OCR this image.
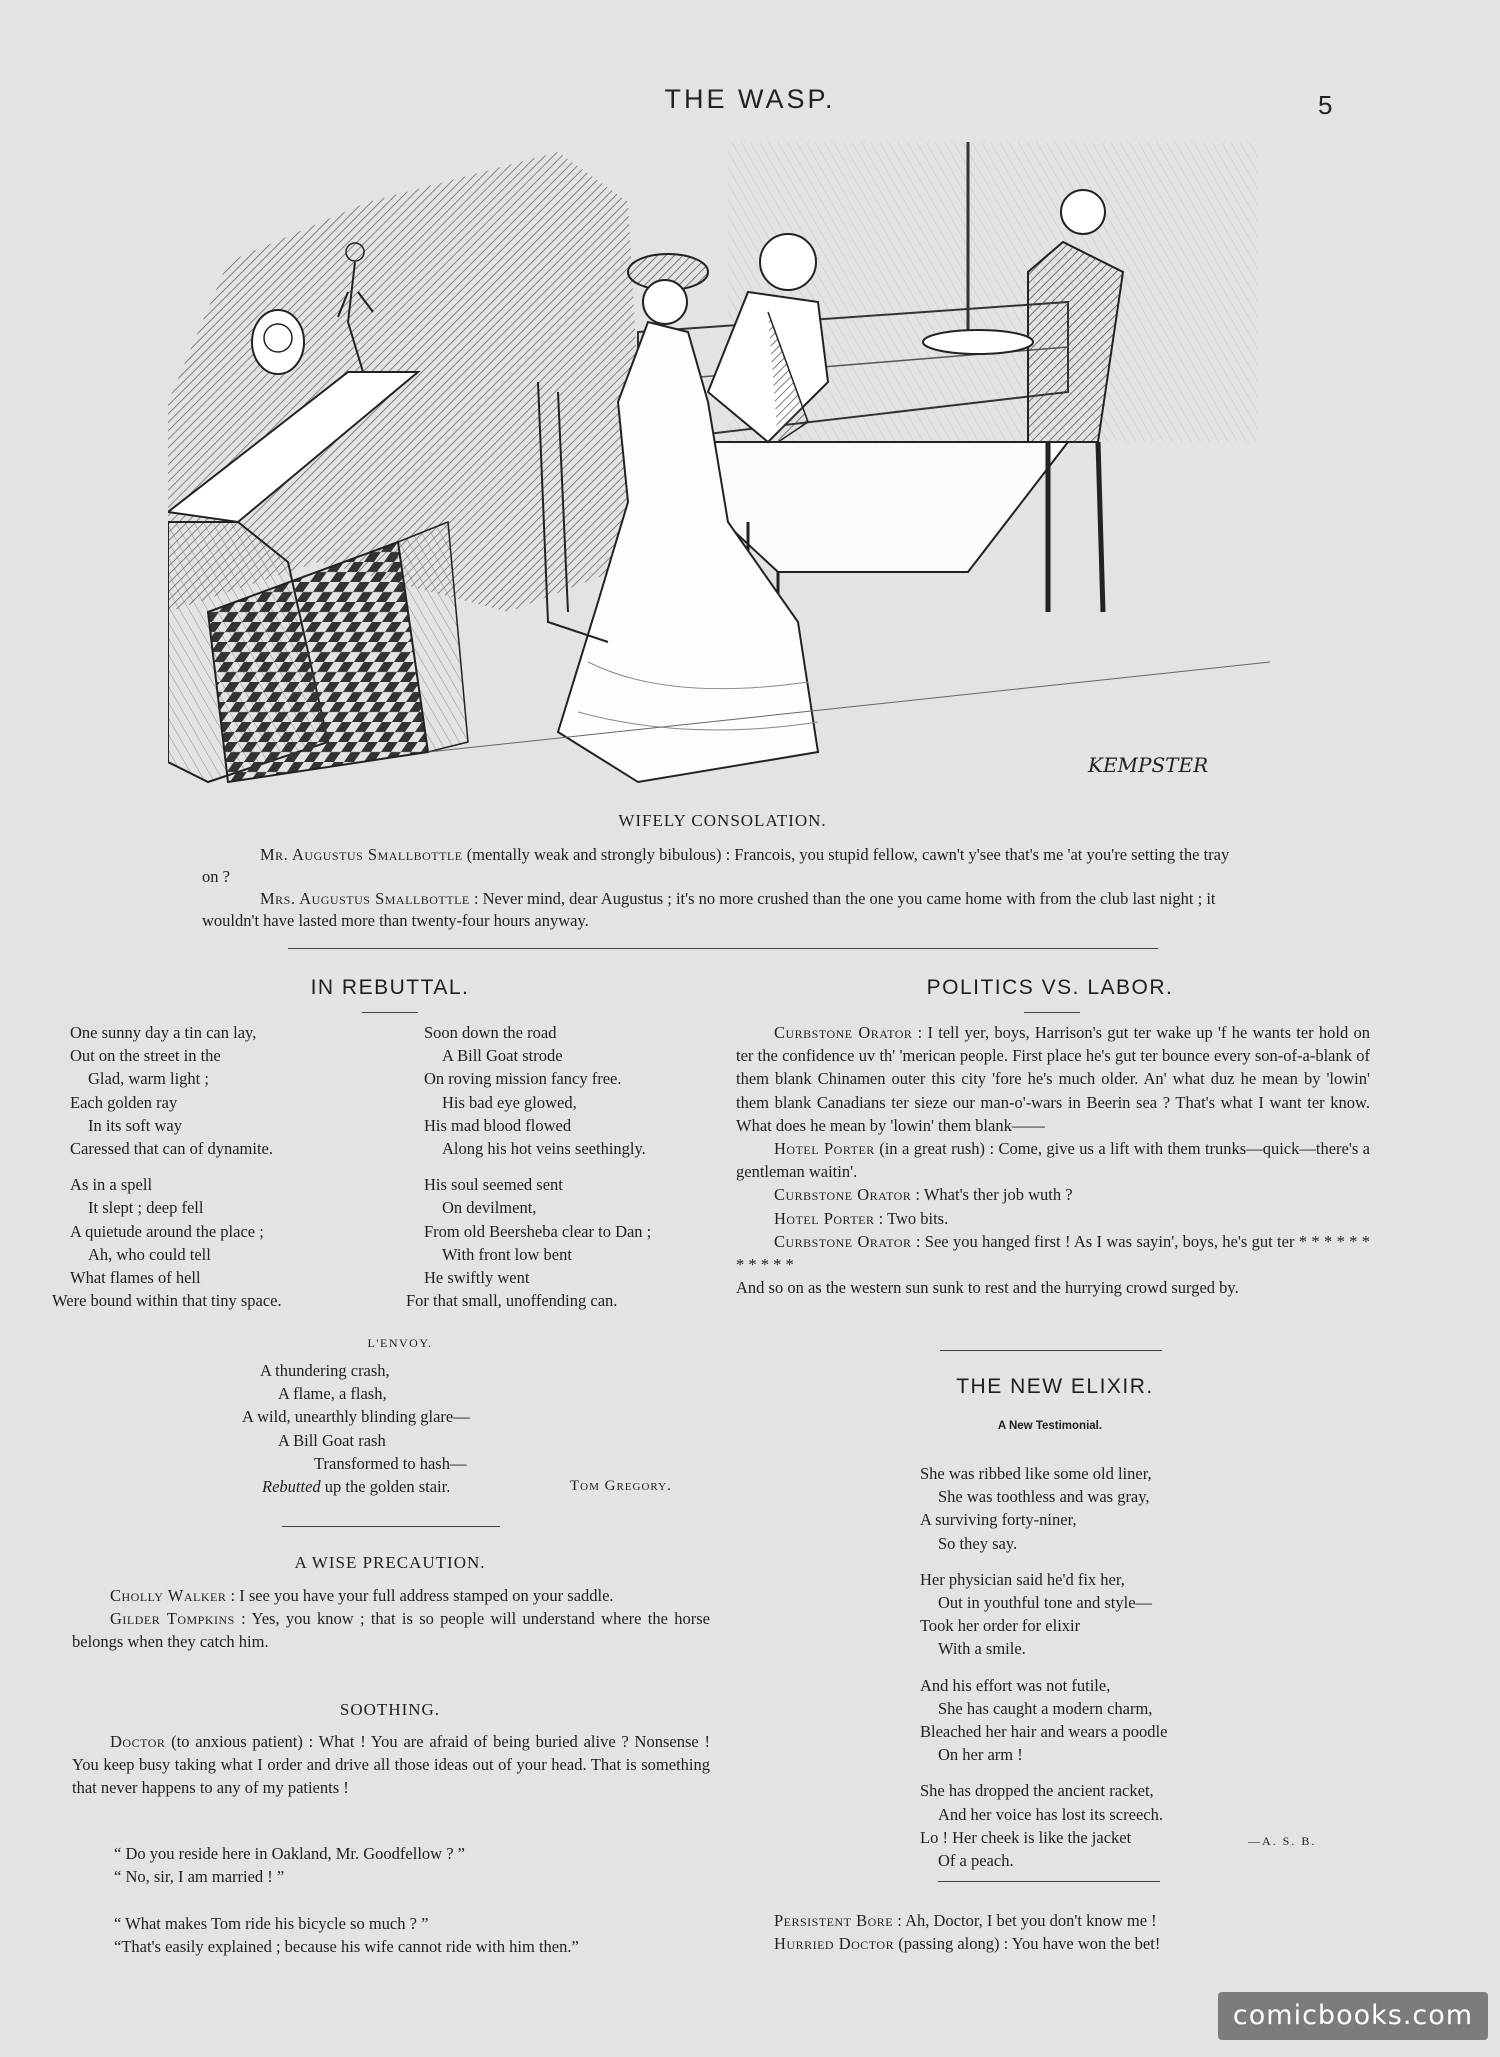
THE WASP.	5
KEMPSTER
WIFELY CONSOLATION.

Mr. Augustus Smallbottle (mentally weak and strongly bibulous) : Francois, you stupid fellow, cawn't y'see that's me 'at you're setting the tray on ?

Mrs. Augustus Smallbottle : Never mind, dear Augustus ; it's no more crushed than the one you came home with from the club last night ; it wouldn't have lasted more than twenty-four hours anyway.

IN REBUTTAL.
One sunny day a tin can lay,
Out on the street in the
Glad, warm light ;
Each golden ray
In its soft way
Caressed that can of dynamite.
As in a spell
It slept ; deep fell
A quietude around the place ;
Ah, who could tell
What flames of hell
Were bound within that tiny space.
Soon down the road
A Bill Goat strode
On roving mission fancy free.
His bad eye glowed,
His mad blood flowed
Along his hot veins seethingly.
His soul seemed sent
On devilment,
From old Beersheba clear to Dan ;
With front low bent
He swiftly went
For that small, unoffending can.
L'ENVOY.
A thundering crash,
A flame, a flash,
A wild, unearthly blinding glare—
A Bill Goat rash
Transformed to hash—
Rebutted up the golden stair.	Tom Gregory.
A WISE PRECAUTION.

Cholly Walker : I see you have your full address stamped on your saddle.

Gilder Tompkins : Yes, you know ; that is so people will understand where the horse belongs when they catch him.

SOOTHING.

Doctor (to anxious patient) : What ! You are afraid of being buried alive ? Nonsense ! You keep busy taking what I order and drive all those ideas out of your head. That is something that never happens to any of my patients !

“ Do you reside here in Oakland, Mr. Goodfellow ? ”
“ No, sir, I am married ! ”
“ What makes Tom ride his bicycle so much ? ”
“That's easily explained ; because his wife cannot ride with him then.”
POLITICS VS. LABOR.

Curbstone Orator : I tell yer, boys, Harrison's gut ter wake up 'f he wants ter hold on ter the confidence uv th' 'merican people. First place he's gut ter bounce every son-of-a-blank of them blank Chinamen outer this city 'fore he's much older. An' what duz he mean by 'lowin' them blank Canadians ter sieze our man-o'-wars in Beerin sea ? That's what I want ter know. What does he mean by 'lowin' them blank——

Hotel Porter (in a great rush) : Come, give us a lift with them trunks—quick—there's a gentleman waitin'.

Curbstone Orator : What's ther job wuth ?

Hotel Porter : Two bits.

Curbstone Orator : See you hanged first ! As I was sayin', boys, he's gut ter * * * * * * * * * * *

And so on as the western sun sunk to rest and the hurrying crowd surged by.

THE NEW ELIXIR.
A New Testimonial.
She was ribbed like some old liner,
She was toothless and was gray,
A surviving forty-niner,
So they say.
Her physician said he'd fix her,
Out in youthful tone and style—
Took her order for elixir
With a smile.
And his effort was not futile,
She has caught a modern charm,
Bleached her hair and wears a poodle
On her arm !
She has dropped the ancient racket,
And her voice has lost its screech.
Lo ! Her cheek is like the jacket
Of a peach.
—A. S. B.
Persistent Bore : Ah, Doctor, I bet you don't know me !
Hurried Doctor (passing along) : You have won the bet!
comicbooks.com
